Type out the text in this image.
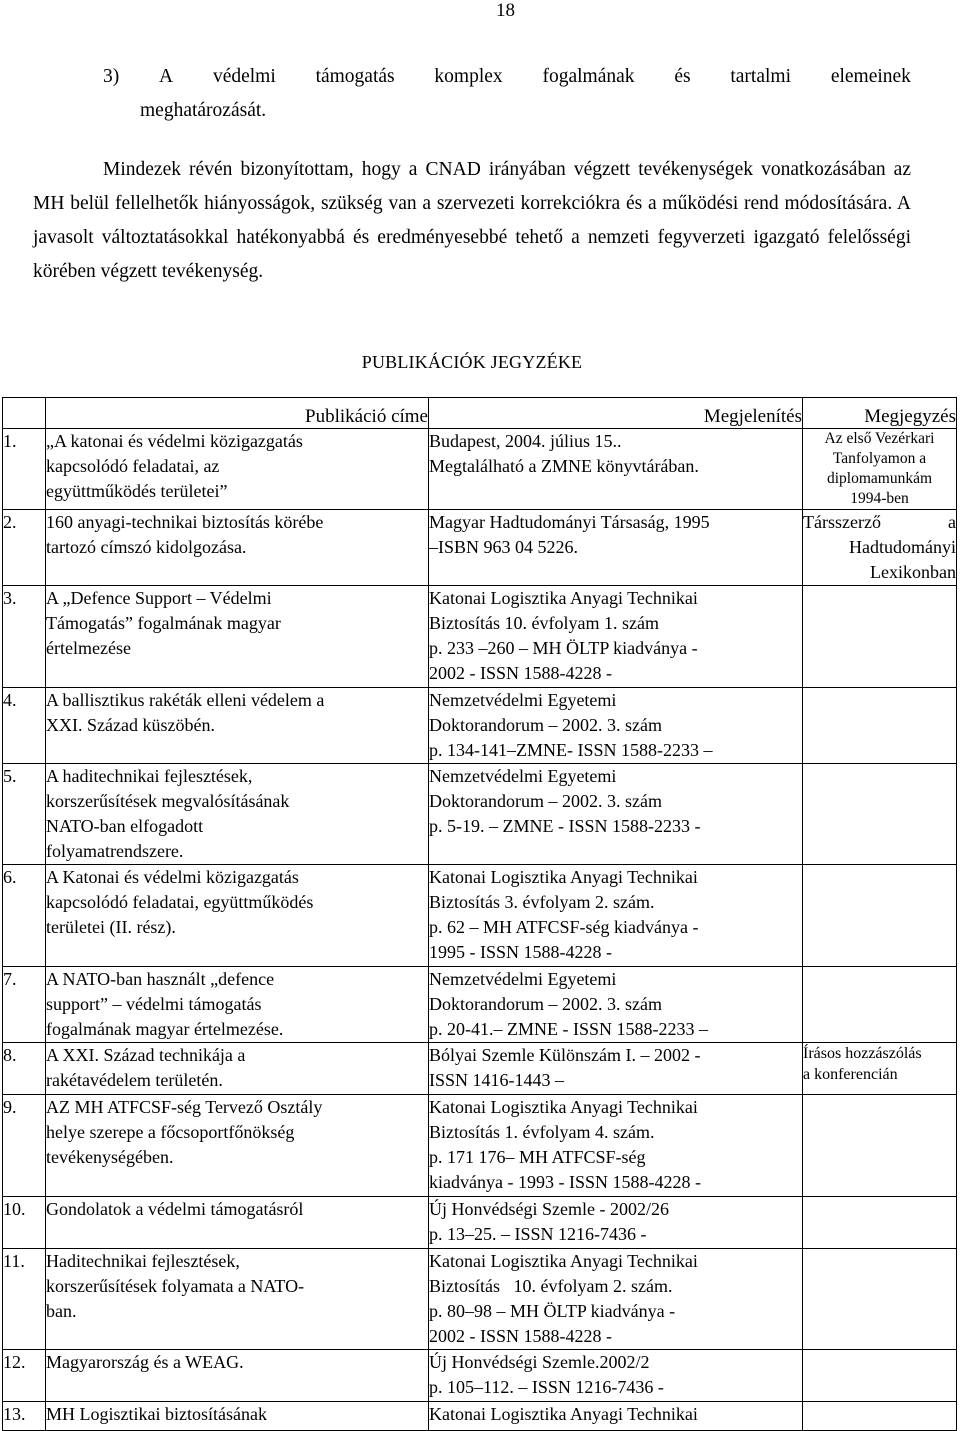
18
3) A védelmi támogatás komplex fogalmának és tartalmi elemeinek
meghatározását.
Mindezek révén bizonyítottam, hogy a CNAD irányában végzett tevékenységek vonatkozásában az MH belül fellelhetők hiányosságok, szükség van a szervezeti korrekciókra és a működési rend módosítására. A javasolt változtatásokkal hatékonyabbá és eredményesebbé tehető a nemzeti fegyverzeti igazgató felelősségi körében végzett tevékenység.
PUBLIKÁCIÓK JEGYZÉKE
	Publikáció címe	Megjelenítés	Megjegyzés
1.	„A katonai és védelmi közigazgatás
kapcsolódó feladatai, az
együttműködés területei”	Budapest, 2004. július 15..
Megtalálható a ZMNE könyvtárában.	Az első Vezérkari
Tanfolyamon a
diplomamunkám
1994-ben

2.	160 anyagi-technikai biztosítás körébe
tartozó címszó kidolgozása.	Magyar Hadtudományi Társaság, 1995
–ISBN 963 04 5226.	Társszerző a
Hadtudományi
Lexikonban

3.	A „Defence Support – Védelmi
Támogatás” fogalmának magyar
értelmezése	Katonai Logisztika Anyagi Technikai
Biztosítás 10. évfolyam 1. szám
p. 233 –260 – MH ÖLTP kiadványa -
2002 - ISSN 1588-4228 -	

4.	A ballisztikus rakéták elleni védelem a
XXI. Század küszöbén.	Nemzetvédelmi Egyetemi
Doktorandorum – 2002. 3. szám
p. 134-141–ZMNE- ISSN 1588-2233 –	

5.	A haditechnikai fejlesztések,
korszerűsítések megvalósításának
NATO-ban elfogadott
folyamatrendszere.	Nemzetvédelmi Egyetemi
Doktorandorum – 2002. 3. szám
p. 5-19. – ZMNE - ISSN 1588-2233 -	

6.	A Katonai és védelmi közigazgatás
kapcsolódó feladatai, együttműködés
területei (II. rész).	Katonai Logisztika Anyagi Technikai
Biztosítás 3. évfolyam 2. szám.
p. 62 – MH ATFCSF-ség kiadványa -
1995 - ISSN 1588-4228 -	

7.	A NATO-ban használt „defence
support” – védelmi támogatás
fogalmának magyar értelmezése.	Nemzetvédelmi Egyetemi
Doktorandorum – 2002. 3. szám
p. 20-41.– ZMNE - ISSN 1588-2233 –	

8.	A XXI. Század technikája a
rakétavédelem területén.	Bólyai Szemle Különszám I. – 2002 -
ISSN 1416-1443 –	Írásos hozzászólás
a konferencián

9.	AZ MH ATFCSF-ség Tervező Osztály
helye szerepe a főcsoportfőnökség
tevékenységében.	Katonai Logisztika Anyagi Technikai
Biztosítás 1. évfolyam 4. szám.
p. 171 176– MH ATFCSF-ség
kiadványa - 1993 - ISSN 1588-4228 -	

10.	Gondolatok a védelmi támogatásról	Új Honvédségi Szemle - 2002/26
p. 13–25. – ISSN 1216-7436 -	

11.	Haditechnikai fejlesztések,
korszerűsítések folyamata a NATO-
ban.	Katonai Logisztika Anyagi Technikai
Biztosítás   10. évfolyam 2. szám.
p. 80–98 – MH ÖLTP kiadványa -
2002 - ISSN 1588-4228 -	

12.	Magyarország és a WEAG.	Új Honvédségi Szemle.2002/2
p. 105–112. – ISSN 1216-7436 -	

13.	MH Logisztikai biztosításának	Katonai Logisztika Anyagi Technikai	
